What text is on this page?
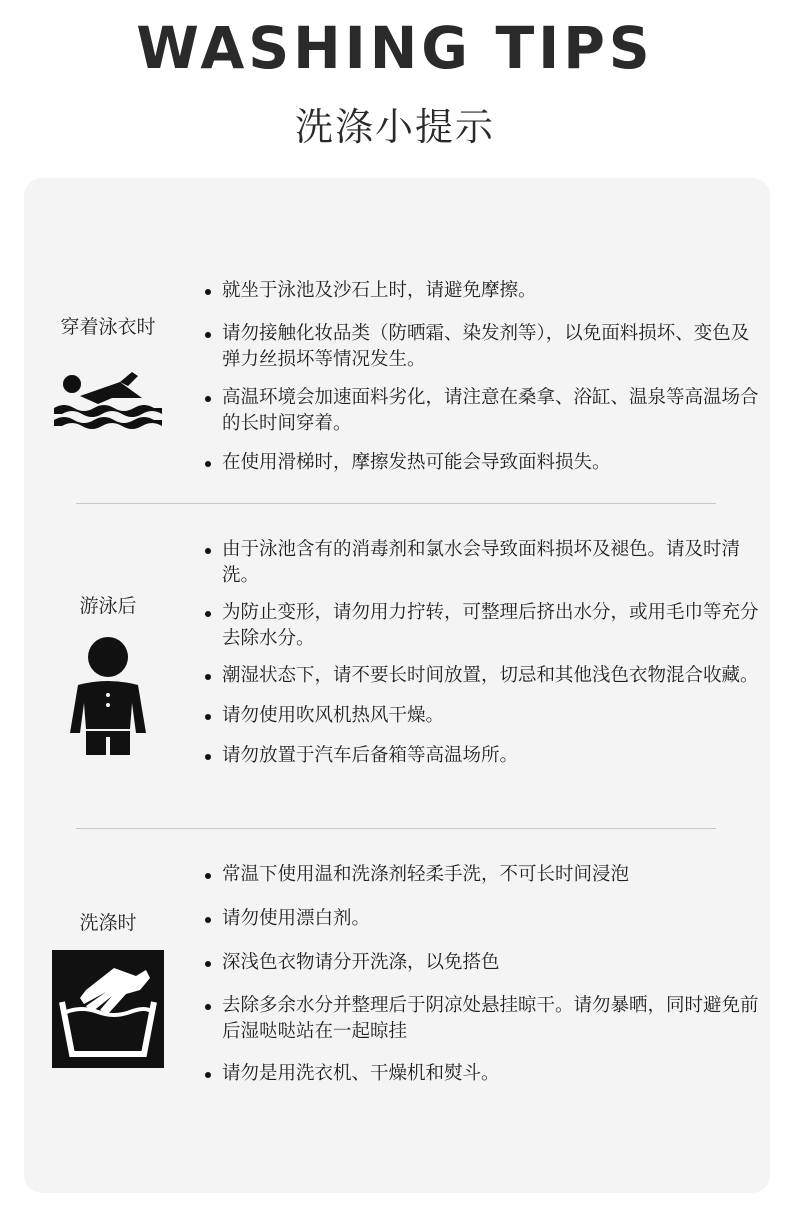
WASHING TIPS
洗涤小提示
穿着泳衣时
就坐于泳池及沙石上时，请避免摩擦。
请勿接触化妆品类（防晒霜、染发剂等），以免面料损坏、变色及弹力丝损坏等情况发生。
高温环境会加速面料劣化，请注意在桑拿、浴缸、温泉等高温场合的长时间穿着。
在使用滑梯时，摩擦发热可能会导致面料损失。
游泳后
由于泳池含有的消毒剂和氯水会导致面料损坏及褪色。请及时清洗。
为防止变形，请勿用力拧转，可整理后挤出水分，或用毛巾等充分去除水分。
潮湿状态下，请不要长时间放置，切忌和其他浅色衣物混合收藏。
请勿使用吹风机热风干燥。
请勿放置于汽车后备箱等高温场所。
洗涤时
常温下使用温和洗涤剂轻柔手洗，不可长时间浸泡
请勿使用漂白剂。
深浅色衣物请分开洗涤，以免搭色
去除多余水分并整理后于阴凉处悬挂晾干。请勿暴晒，同时避免前后湿哒哒站在一起晾挂
请勿是用洗衣机、干燥机和熨斗。
